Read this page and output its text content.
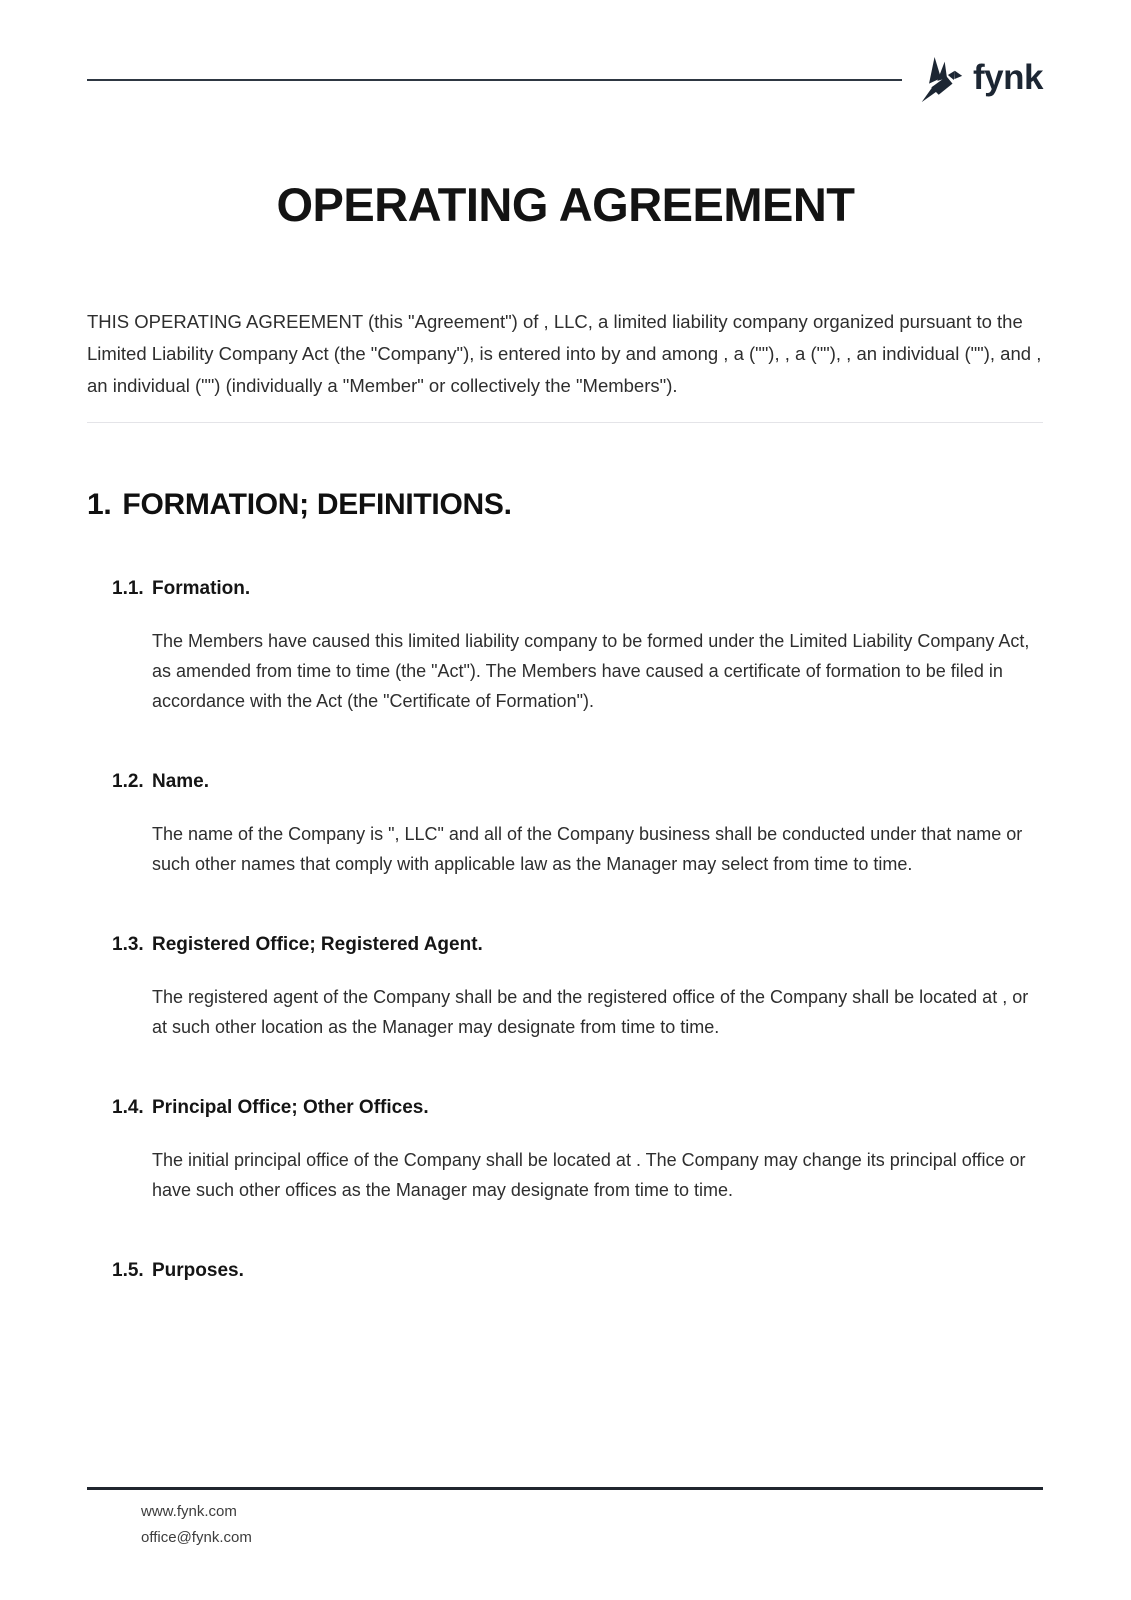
fynk
OPERATING AGREEMENT

THIS OPERATING AGREEMENT (this "Agreement") of , LLC, a limited liability company organized pursuant to the Limited Liability Company Act (the "Company"), is entered into by and among , a (""), , a (""), , an individual (""), and , an individual ("") (individually a "Member" or collectively the "Members").

1. FORMATION; DEFINITIONS.
1.1. Formation.

The Members have caused this limited liability company to be formed under the Limited Liability Company Act, as amended from time to time (the "Act"). The Members have caused a certificate of formation to be filed in accordance with the Act (the "Certificate of Formation").

1.2. Name.

The name of the Company is ", LLC" and all of the Company business shall be conducted under that name or such other names that comply with applicable law as the Manager may select from time to time.

1.3. Registered Office; Registered Agent.

The registered agent of the Company shall be and the registered office of the Company shall be located at , or at such other location as the Manager may designate from time to time.

1.4. Principal Office; Other Offices.

The initial principal office of the Company shall be located at . The Company may change its principal office or have such other offices as the Manager may designate from time to time.

1.5. Purposes.
www.fynk.com
office@fynk.com
